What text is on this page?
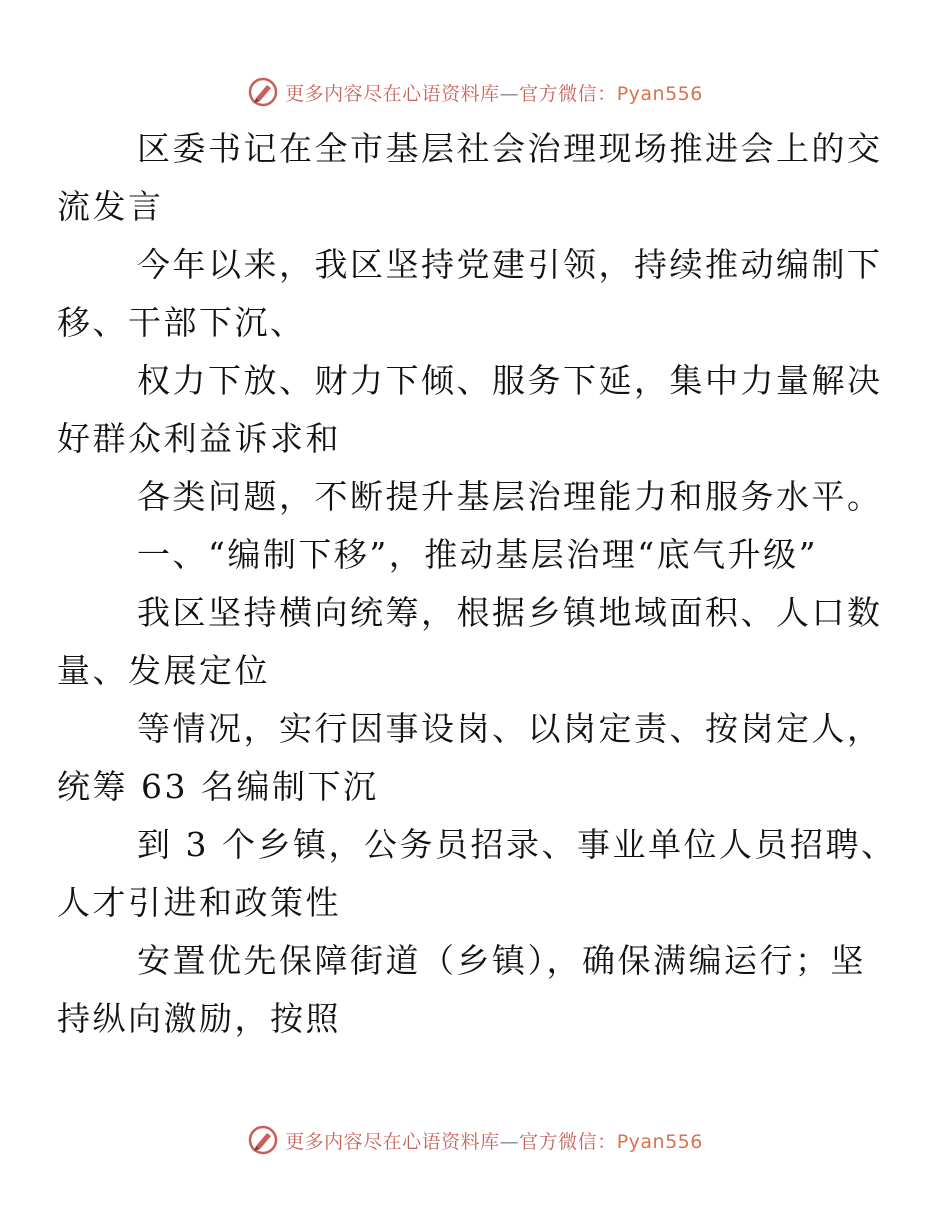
更多内容尽在心语资料库—官方微信：Pyan556

区委书记在全市基层社会治理现场推进会上的交
流发言

今年以来，我区坚持党建引领，持续推动编制下
移、干部下沉、

权力下放、财力下倾、服务下延，集中力量解决
好群众利益诉求和

各类问题，不断提升基层治理能力和服务水平。

一、“编制下移”，推动基层治理“底气升级”

我区坚持横向统筹，根据乡镇地域面积、人口数
量、发展定位

等情况，实行因事设岗、以岗定责、按岗定人，
统筹 63 名编制下沉

到 3 个乡镇，公务员招录、事业单位人员招聘、
人才引进和政策性

安置优先保障街道（乡镇），确保满编运行；坚
持纵向激励，按照

更多内容尽在心语资料库—官方微信：Pyan556
